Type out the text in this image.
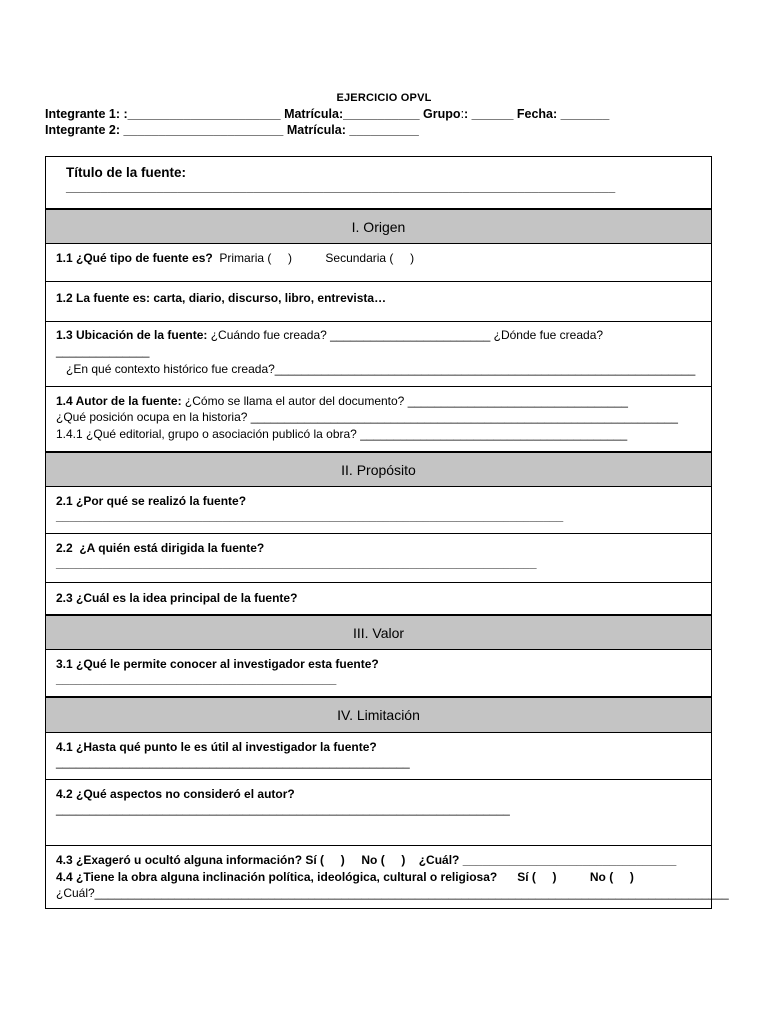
EJERCICIO OPVL
Integrante 1: :______________________ Matrícula:___________ Grupo:: ______ Fecha: _______
Integrante 2: _______________________ Matrícula: __________
Título de la fuente:
_______________________________________________________________________________
I. Origen
1.1 ¿Qué tipo de fuente es? Primaria (     )	Secundaria (     )
1.2 La fuente es: carta, diario, discurso, libro, entrevista…
1.3 Ubicación de la fuente: ¿Cuándo fue creada? ________________________ ¿Dónde fue creada?
______________
¿En qué contexto histórico fue creada?_______________________________________________________________
1.4 Autor de la fuente: ¿Cómo se llama el autor del documento? _________________________________
¿Qué posición ocupa en la historia? ________________________________________________________________
1.4.1 ¿Qué editorial, grupo o asociación publicó la obra? ________________________________________
II. Propósito
2.1 ¿Por qué se realizó la fuente?
____________________________________________________________________________
2.2  ¿A quién está dirigida la fuente?
________________________________________________________________________
2.3 ¿Cuál es la idea principal de la fuente?
III. Valor
3.1 ¿Qué le permite conocer al investigador esta fuente?
__________________________________________
IV. Limitación
4.1 ¿Hasta qué punto le es útil al investigador la fuente?
_____________________________________________________
4.2 ¿Qué aspectos no consideró el autor?
____________________________________________________________________
4.3 ¿Exageró u ocultó alguna información? Sí (     )     No (     )    ¿Cuál? ________________________________
4.4 ¿Tiene la obra alguna inclinación política, ideológica, cultural o religiosa?      Sí (     )          No (     )
¿Cuál?_______________________________________________________________________________________________
